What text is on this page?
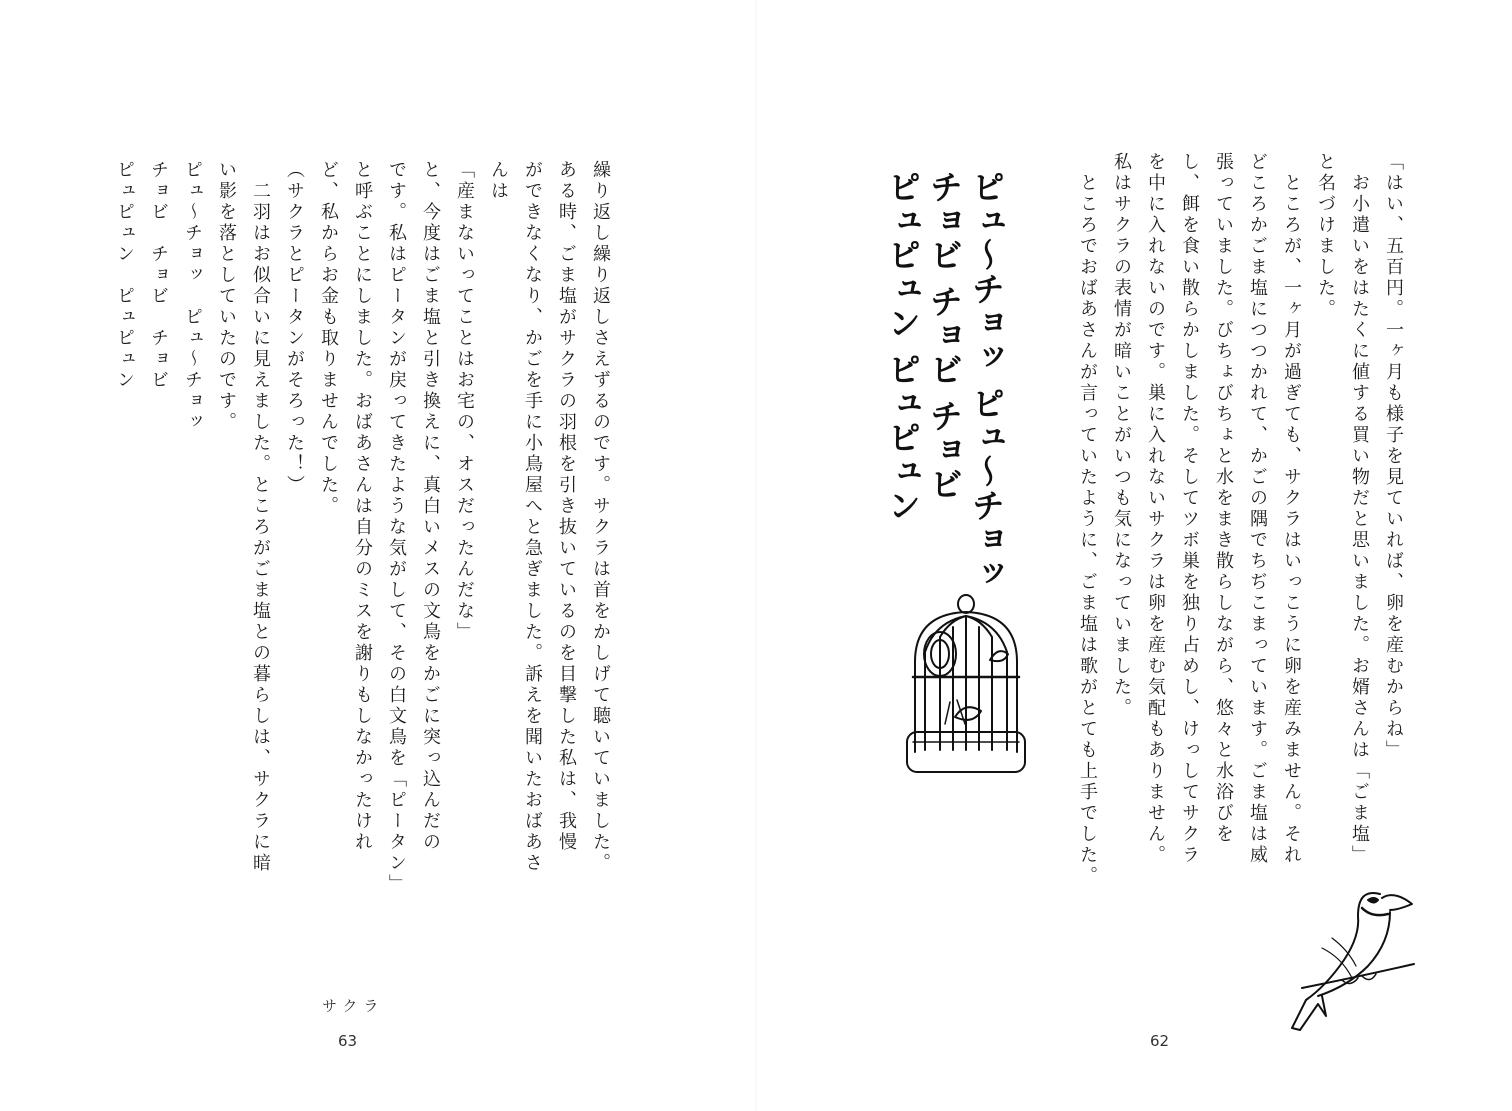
「はい、五百円。一ヶ月も様子を見ていれば、卵を産むからね」
　お小遣いをはたくに値する買い物だと思いました。お婿さんは「ごま塩」
と名づけました。
　ところが、一ヶ月が過ぎても、サクラはいっこうに卵を産みません。それ
どころかごま塩につつかれて、かごの隅でちぢこまっています。ごま塩は威
張っていました。びちょびちょと水をまき散らしながら、悠々と水浴びを
し、餌を食い散らかしました。そしてツボ巣を独り占めし、けっしてサクラ
を中に入れないのです。巣に入れないサクラは卵を産む気配もありません。
私はサクラの表情が暗いことがいつも気になっていました。
　ところでおばあさんが言っていたように、ごま塩は歌がとても上手でした。
ピュ〜チョッ ピュ〜チョッ
チョビ チョビ チョビ
ピュピュン ピュピュン
62
繰り返し繰り返しさえずるのです。サクラは首をかしげて聴いていました。
ある時、ごま塩がサクラの羽根を引き抜いているのを目撃した私は、我慢
ができなくなり、かごを手に小鳥屋へと急ぎました。訴えを聞いたおばあさ
んは
「産まないってことはお宅の、オスだったんだな」
と、今度はごま塩と引き換えに、真白いメスの文鳥をかごに突っ込んだの
です。私はピータンが戻ってきたような気がして、その白文鳥を「ピータン」
と呼ぶことにしました。おばあさんは自分のミスを謝りもしなかったけれ
ど、私からお金も取りませんでした。
（サクラとピータンがそろった！）
　二羽はお似合いに見えました。ところがごま塩との暮らしは、サクラに暗
い影を落としていたのです。
ピュ〜チョッ　ピュ〜チョッ
チョビ　チョビ　チョビ
ピュピュン　ピュピュン
サクラ
63
